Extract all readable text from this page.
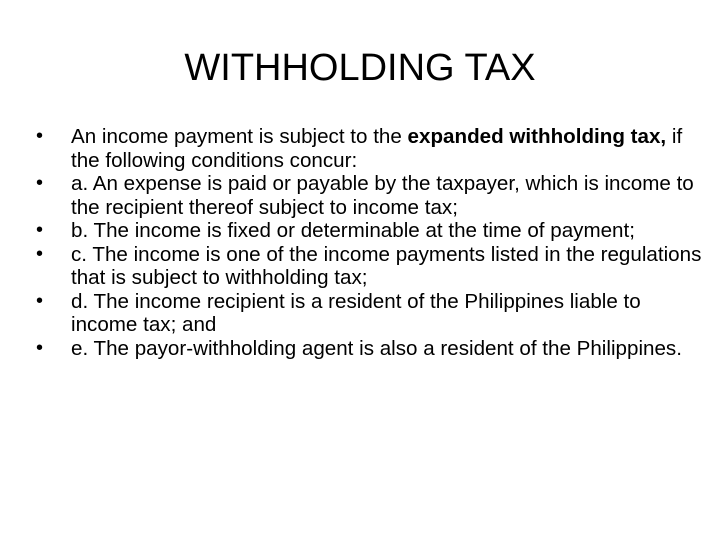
WITHHOLDING TAX
•	An income payment is subject to the expanded withholding tax, if the following conditions concur:
•	a. An expense is paid or payable by the taxpayer, which is income to the recipient thereof subject to income tax;
•	b. The income is fixed or determinable at the time of payment;
•	c. The income is one of the income payments listed in the regulations that is subject to withholding tax;
•	d. The income recipient is a resident of the Philippines liable to income tax; and
•	e. The payor-withholding agent is also a resident of the Philippines.
